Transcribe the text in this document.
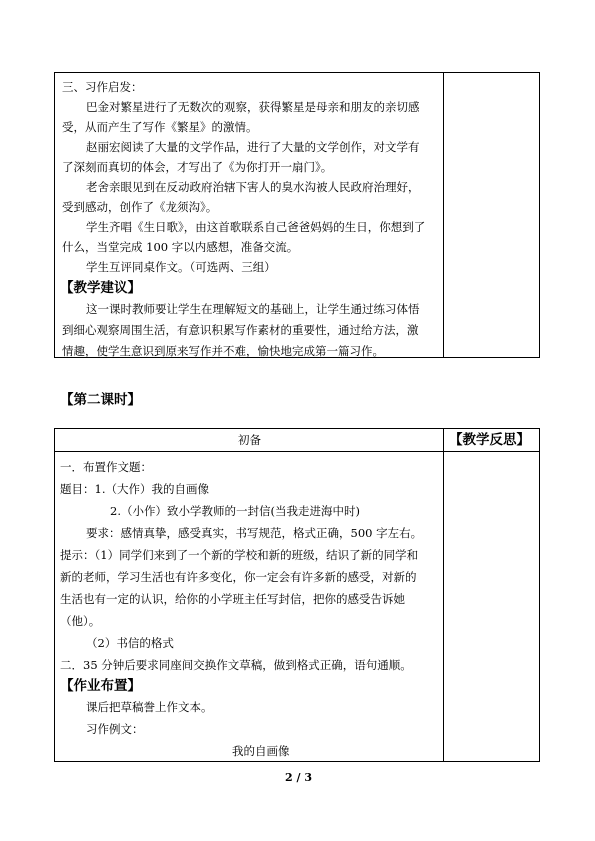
三、习作启发：
巴金对繁星进行了无数次的观察，获得繁星是母亲和朋友的亲切感
受，从而产生了写作《繁星》的激情。
赵丽宏阅读了大量的文学作品，进行了大量的文学创作，对文学有
了深刻而真切的体会，才写出了《为你打开一扇门》。
老舍亲眼见到在反动政府治辖下害人的臭水沟被人民政府治理好，
受到感动，创作了《龙须沟》。
学生齐唱《生日歌》，由这首歌联系自己爸爸妈妈的生日，你想到了
什么，当堂完成 100 字以内感想，准备交流。
学生互评同桌作文。（可选两、三组）
【教学建议】
这一课时教师要让学生在理解短文的基础上，让学生通过练习体悟
到细心观察周围生活，有意识积累写作素材的重要性，通过给方法，激
情趣，使学生意识到原来写作并不难，愉快地完成第一篇习作。
【第二课时】
初备	【教学反思】
一．布置作文题：
题目：1.（大作）我的自画像
2.（小作）致小学教师的一封信(当我走进海中时)
要求：感情真挚，感受真实，书写规范，格式正确，500 字左右。
提示：（1）同学们来到了一个新的学校和新的班级，结识了新的同学和
新的老师，学习生活也有许多变化，你一定会有许多新的感受，对新的
生活也有一定的认识，给你的小学班主任写封信，把你的感受告诉她
（他）。
（2）书信的格式
二．35 分钟后要求同座间交换作文草稿，做到格式正确，语句通顺。
【作业布置】
课后把草稿誊上作文本。
习作例文：
我的自画像
2 / 3
